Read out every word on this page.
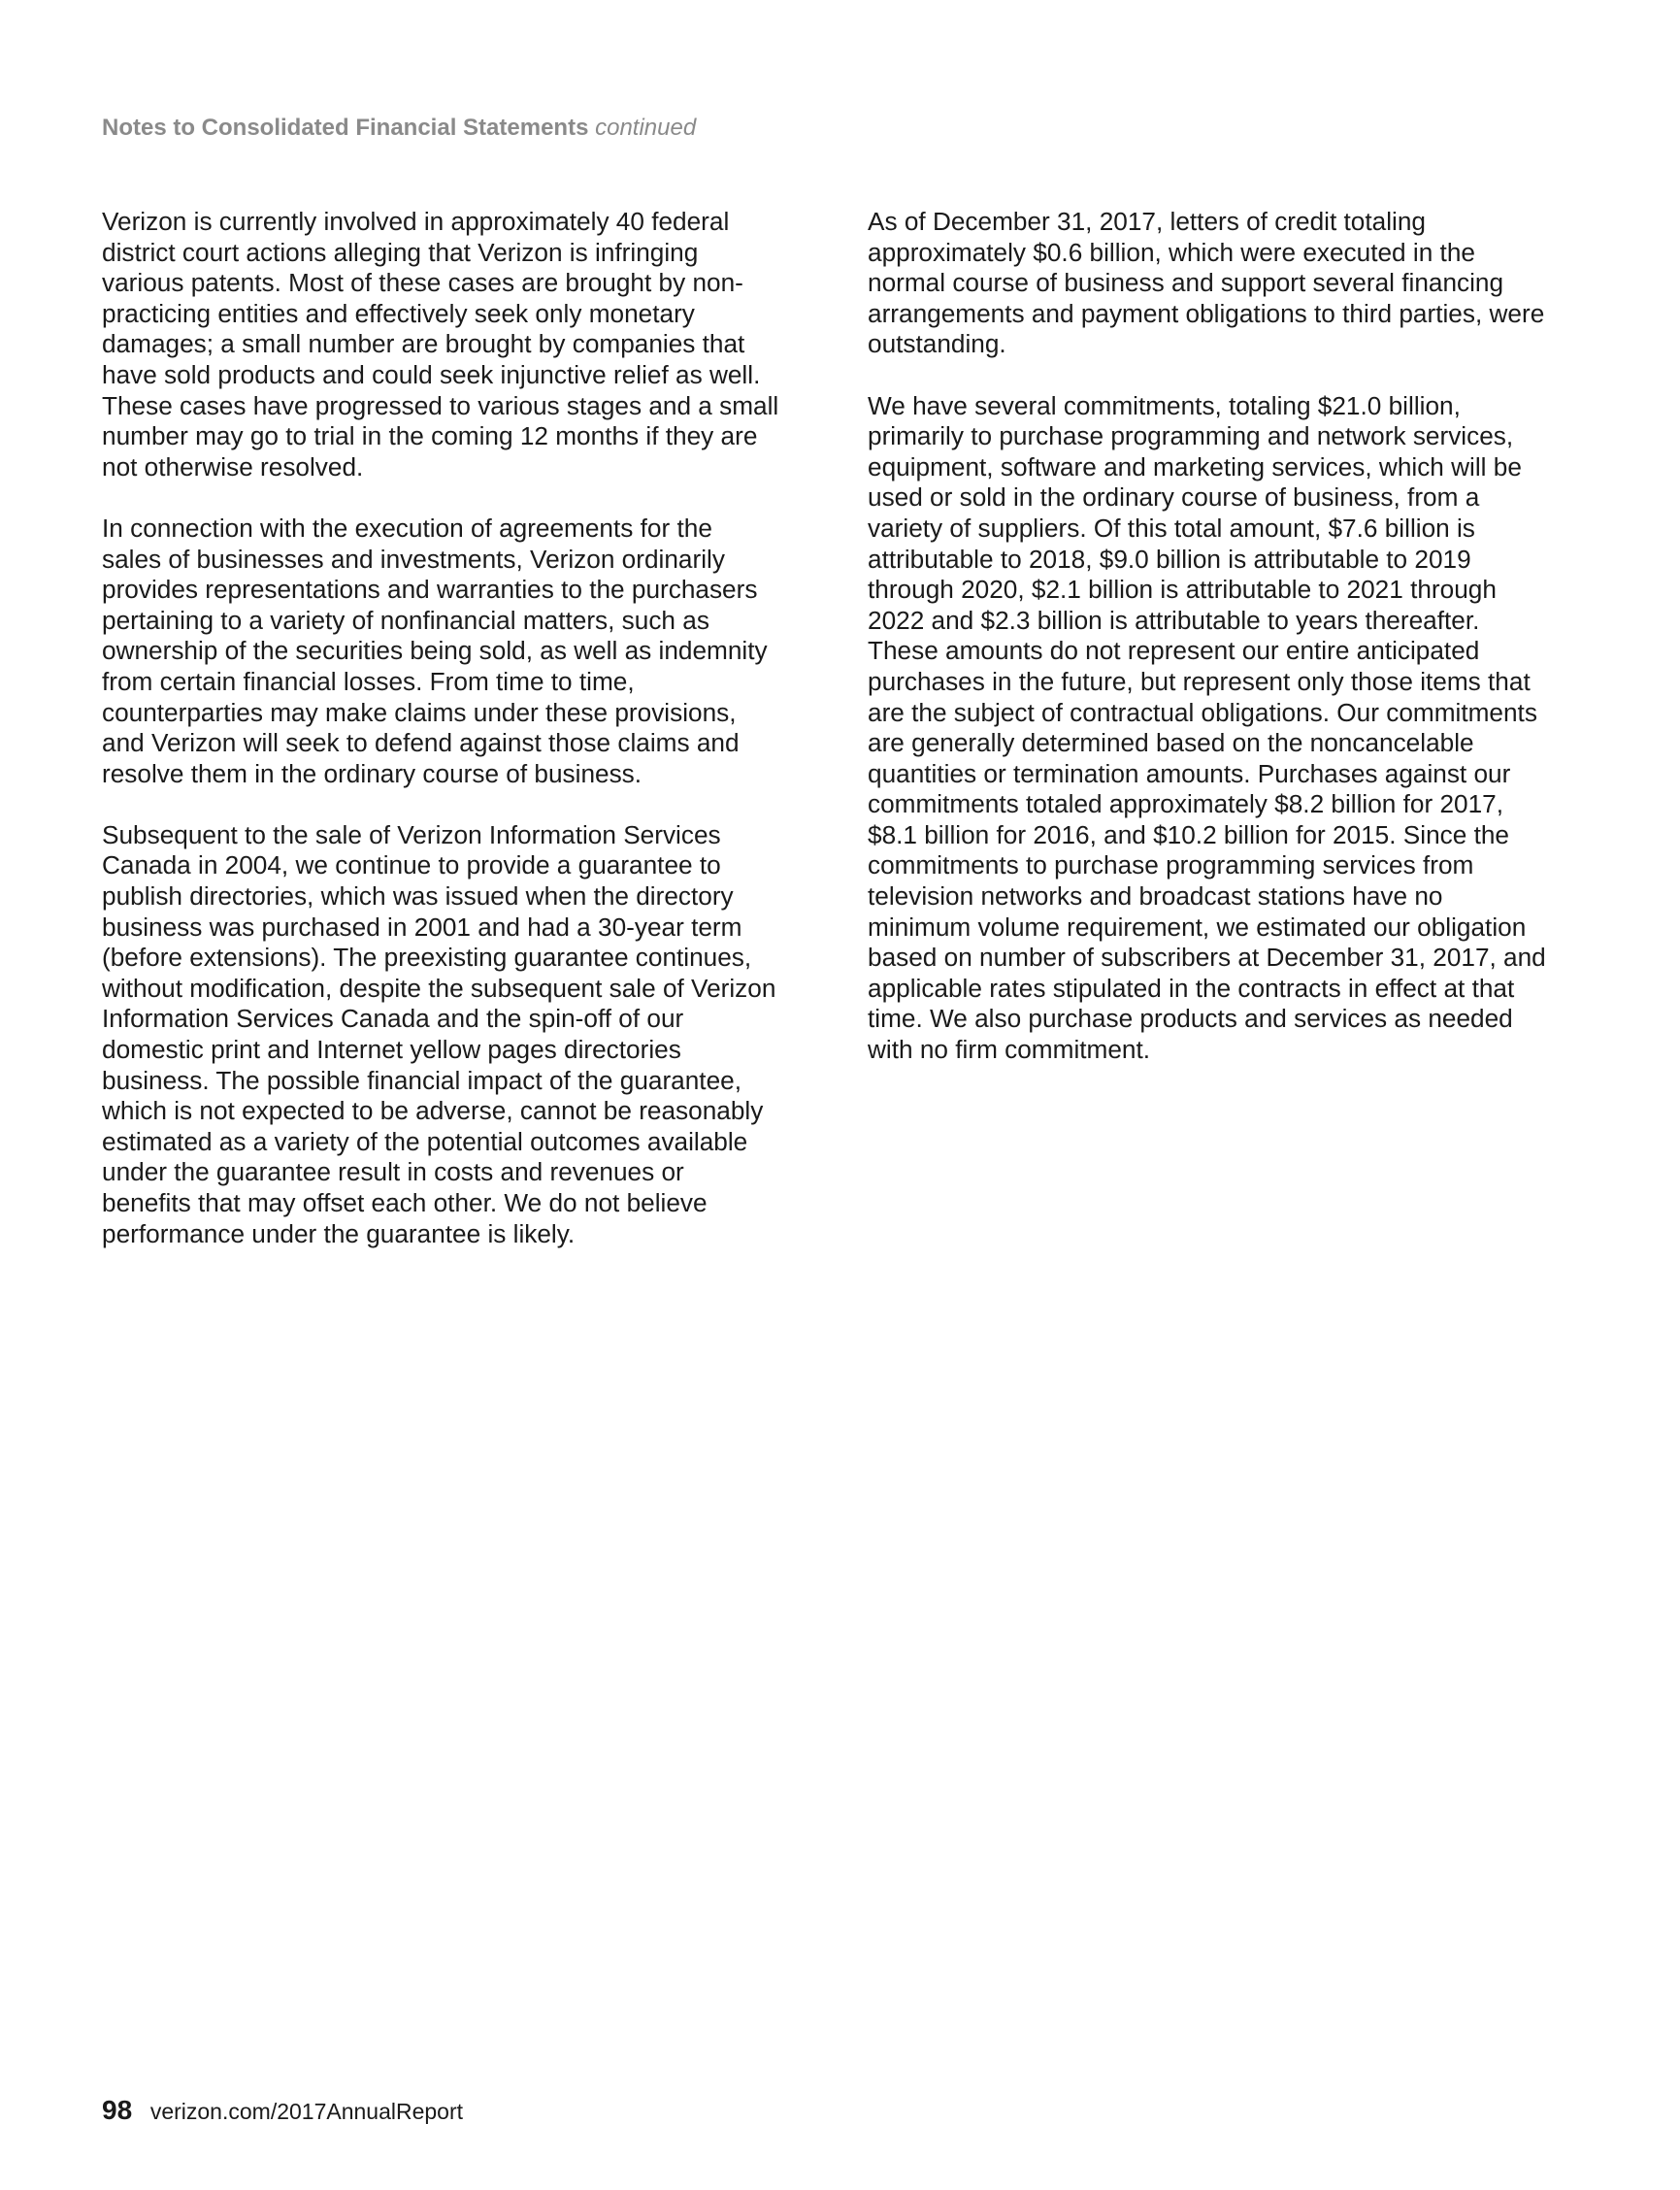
Notes to Consolidated Financial Statements continued

Verizon is currently involved in approximately 40 federal
district court actions alleging that Verizon is infringing
various patents. Most of these cases are brought by non-
practicing entities and effectively seek only monetary
damages; a small number are brought by companies that
have sold products and could seek injunctive relief as well.
These cases have progressed to various stages and a small
number may go to trial in the coming 12 months if they are
not otherwise resolved.

In connection with the execution of agreements for the
sales of businesses and investments, Verizon ordinarily
provides representations and warranties to the purchasers
pertaining to a variety of nonfinancial matters, such as
ownership of the securities being sold, as well as indemnity
from certain financial losses. From time to time,
counterparties may make claims under these provisions,
and Verizon will seek to defend against those claims and
resolve them in the ordinary course of business.

Subsequent to the sale of Verizon Information Services
Canada in 2004, we continue to provide a guarantee to
publish directories, which was issued when the directory
business was purchased in 2001 and had a 30-year term
(before extensions). The preexisting guarantee continues,
without modification, despite the subsequent sale of Verizon
Information Services Canada and the spin-off of our
domestic print and Internet yellow pages directories
business. The possible financial impact of the guarantee,
which is not expected to be adverse, cannot be reasonably
estimated as a variety of the potential outcomes available
under the guarantee result in costs and revenues or
benefits that may offset each other. We do not believe
performance under the guarantee is likely.

As of December 31, 2017, letters of credit totaling
approximately $0.6 billion, which were executed in the
normal course of business and support several financing
arrangements and payment obligations to third parties, were
outstanding.

We have several commitments, totaling $21.0 billion,
primarily to purchase programming and network services,
equipment, software and marketing services, which will be
used or sold in the ordinary course of business, from a
variety of suppliers. Of this total amount, $7.6 billion is
attributable to 2018, $9.0 billion is attributable to 2019
through 2020, $2.1 billion is attributable to 2021 through
2022 and $2.3 billion is attributable to years thereafter.
These amounts do not represent our entire anticipated
purchases in the future, but represent only those items that
are the subject of contractual obligations. Our commitments
are generally determined based on the noncancelable
quantities or termination amounts. Purchases against our
commitments totaled approximately $8.2 billion for 2017,
$8.1 billion for 2016, and $10.2 billion for 2015. Since the
commitments to purchase programming services from
television networks and broadcast stations have no
minimum volume requirement, we estimated our obligation
based on number of subscribers at December 31, 2017, and
applicable rates stipulated in the contracts in effect at that
time. We also purchase products and services as needed
with no firm commitment.

98 verizon.com/2017AnnualReport
